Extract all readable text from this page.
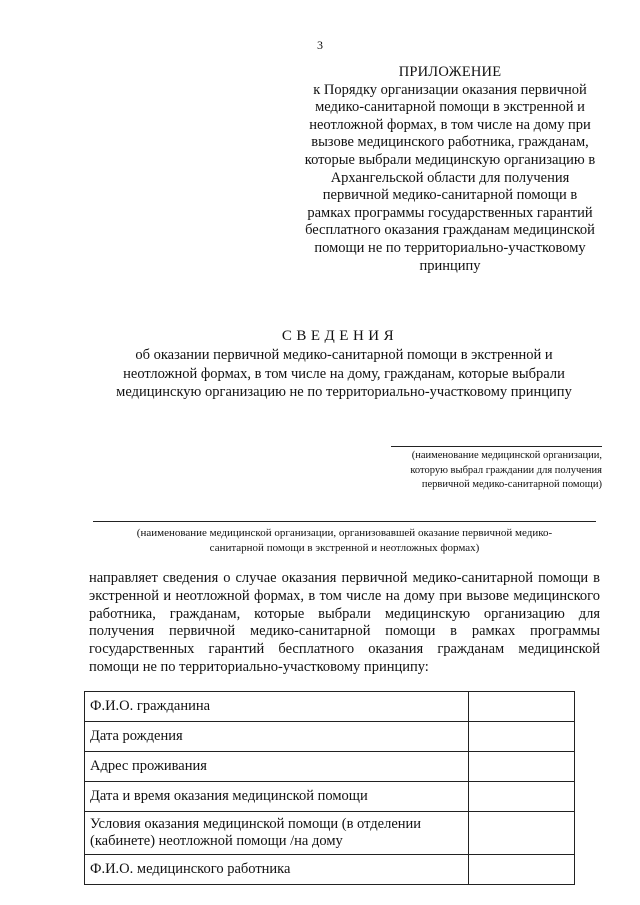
3
ПРИЛОЖЕНИЕ
к Порядку организации оказания первичной
медико-санитарной помощи в экстренной и
неотложной формах, в том числе на дому при
вызове медицинского работника, гражданам,
которые выбрали медицинскую организацию в
Архангельской области для получения
первичной медико-санитарной помощи в
рамках программы государственных гарантий
бесплатного оказания гражданам медицинской
помощи не по территориально-участковому
принципу
СВЕДЕНИЯ
об оказании первичной медико-санитарной помощи в экстренной и
неотложной формах, в том числе на дому, гражданам, которые выбрали
медицинскую организацию не по территориально-участковому принципу
(наименование медицинской организации,
которую выбрал граждании для получения
первичной медико-санитарной помощи)
(наименование медицинской организации, организовавшей оказание первичной медико-
санитарной помощи в экстренной и неотложных формах)
направляет сведения о случае оказания первичной медико-санитарной помощи в экстренной и неотложной формах, в том числе на дому при вызове медицинского работника, гражданам, которые выбрали медицинскую организацию для получения первичной медико-санитарной помощи в рамках программы государственных гарантий бесплатного оказания гражданам медицинской помощи не по территориально-участковому принципу:
Ф.И.О. гражданина	
Дата рождения	
Адрес проживания	
Дата и время оказания медицинской помощи	

Условия оказания медицинской помощи (в отделении
(кабинете) неотложной помощи /на дому	

Ф.И.О. медицинского работника	
